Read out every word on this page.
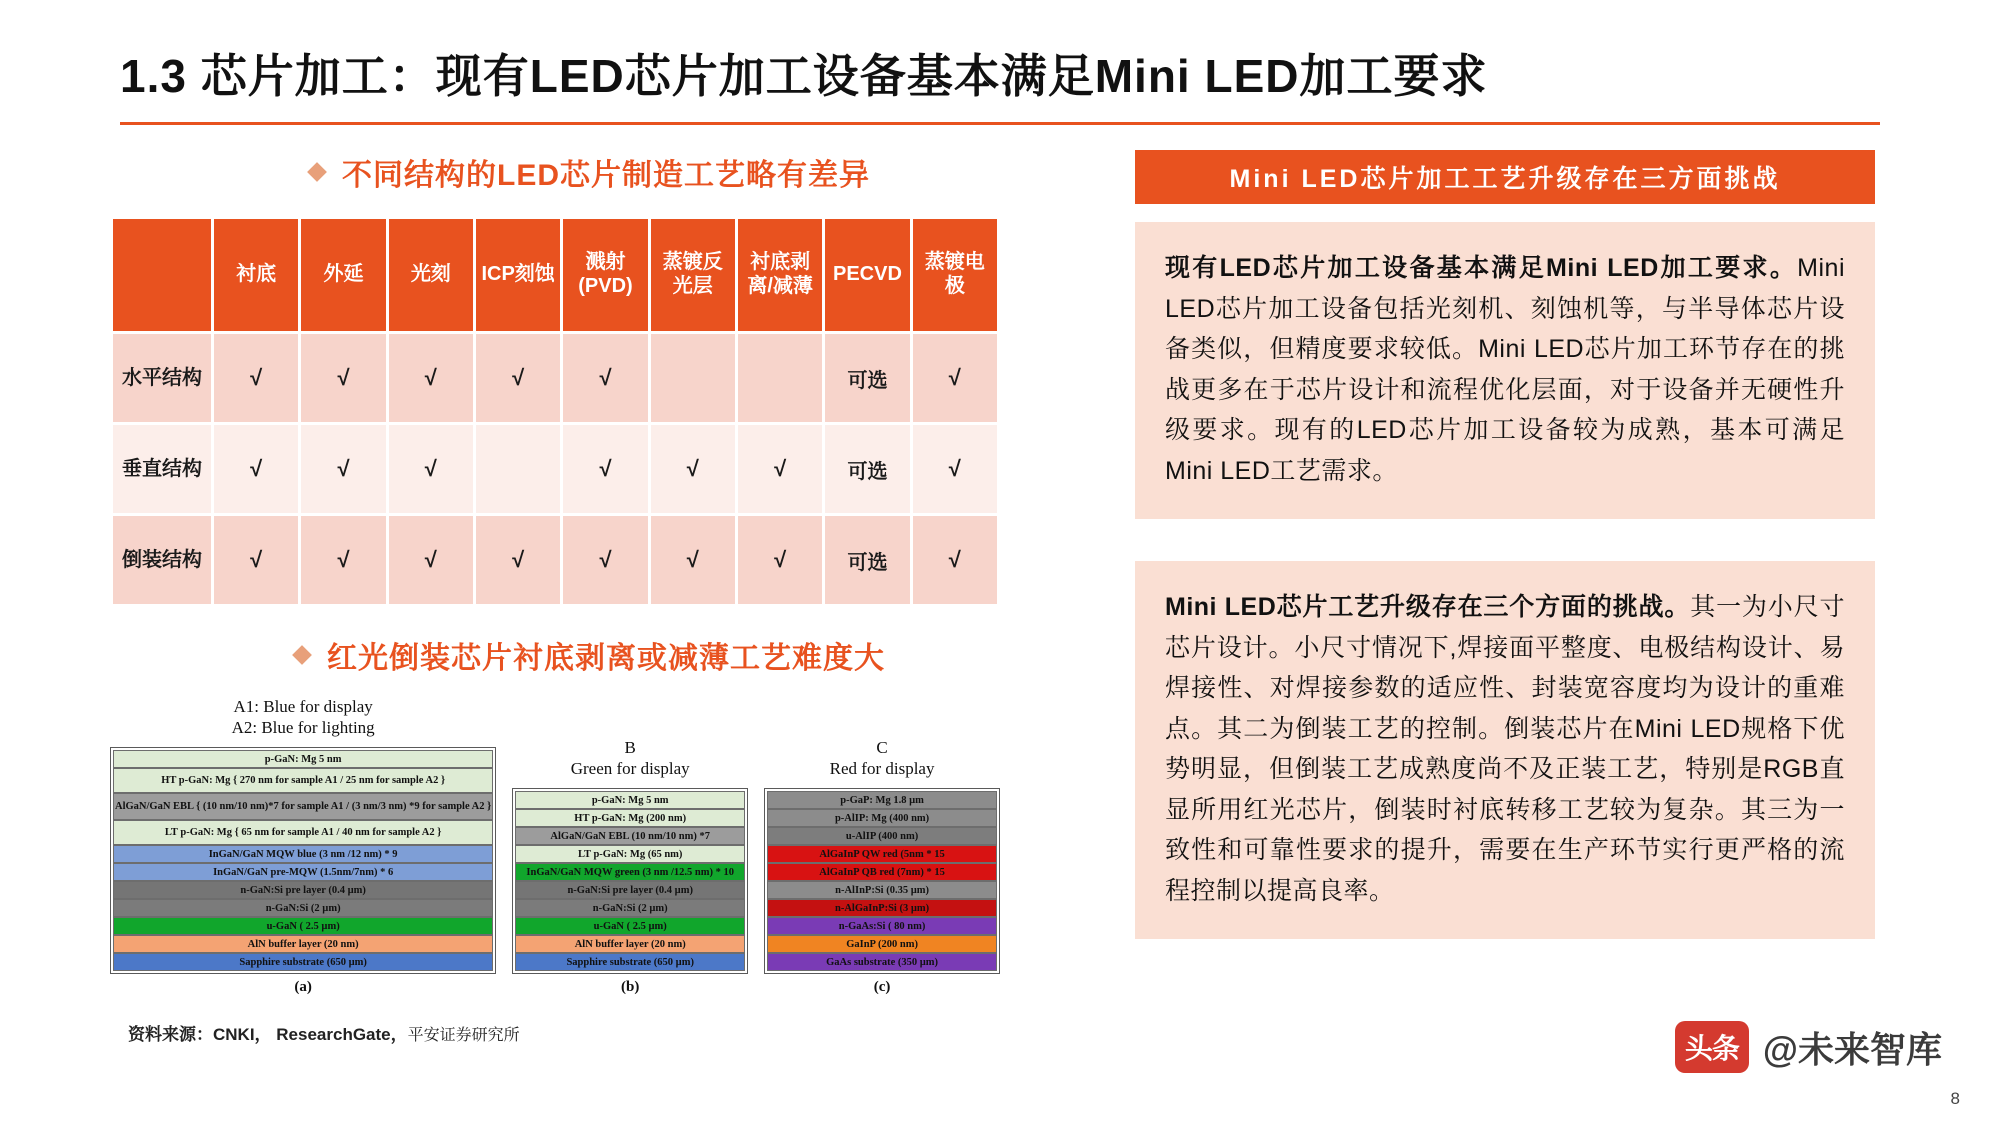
1.3 芯片加工：现有LED芯片加工设备基本满足Mini LED加工要求
不同结构的LED芯片制造工艺略有差异
	衬底	外延	光刻	ICP刻蚀	溅射(PVD)	蒸镀反光层	衬底剥离/减薄	PECVD	蒸镀电极
水平结构	√	√	√	√	√			可选	√
垂直结构	√	√	√		√	√	√	可选	√
倒装结构	√	√	√	√	√	√	√	可选	√
红光倒装芯片衬底剥离或减薄工艺难度大
A1: Blue for display
A2: Blue for lighting
p-GaN: Mg 5 nm
HT p-GaN: Mg { 270 nm for sample A1 / 25 nm for sample A2 }
AlGaN/GaN EBL { (10 nm/10 nm)*7 for sample A1 / (3 nm/3 nm) *9 for sample A2 }
LT p-GaN: Mg { 65 nm for sample A1 / 40 nm for sample A2 }
InGaN/GaN MQW blue (3 nm /12 nm) * 9
InGaN/GaN pre-MQW (1.5nm/7nm) * 6
n-GaN:Si pre layer (0.4 µm)
n-GaN:Si (2 µm)
u-GaN ( 2.5 µm)
AlN buffer layer (20 nm)
Sapphire substrate (650 µm)
(a)
B
Green for display
p-GaN: Mg 5 nm
HT p-GaN: Mg (200 nm)
AlGaN/GaN EBL (10 nm/10 nm) *7
LT p-GaN: Mg (65 nm)
InGaN/GaN MQW green (3 nm /12.5 nm) * 10
n-GaN:Si pre layer (0.4 µm)
n-GaN:Si (2 µm)
u-GaN ( 2.5 µm)
AlN buffer layer (20 nm)
Sapphire substrate (650 µm)
(b)
C
Red for display
p-GaP: Mg 1.8 µm
p-AlIP: Mg (400 nm)
u-AlIP (400 nm)
AlGaInP QW red (5nm * 15
AlGaInP QB red (7nm) * 15
n-AlInP:Si (0.35 µm)
n-AlGaInP:Si (3 µm)
n-GaAs:Si ( 80 nm)
GaInP (200 nm)
GaAs substrate (350 µm)
(c)
资料来源：CNKI， ResearchGate，平安证券研究所
Mini LED芯片加工工艺升级存在三方面挑战
现有LED芯片加工设备基本满足Mini LED加工要求。Mini LED芯片加工设备包括光刻机、刻蚀机等，与半导体芯片设备类似，但精度要求较低。Mini LED芯片加工环节存在的挑战更多在于芯片设计和流程优化层面，对于设备并无硬性升级要求。现有的LED芯片加工设备较为成熟，基本可满足Mini LED工艺需求。
Mini LED芯片工艺升级存在三个方面的挑战。其一为小尺寸芯片设计。小尺寸情况下,焊接面平整度、电极结构设计、易焊接性、对焊接参数的适应性、封装宽容度均为设计的重难点。其二为倒装工艺的控制。倒装芯片在Mini LED规格下优势明显，但倒装工艺成熟度尚不及正装工艺，特别是RGB直显所用红光芯片，倒装时衬底转移工艺较为复杂。其三为一致性和可靠性要求的提升，需要在生产环节实行更严格的流程控制以提高良率。
头条 @未来智库
8
